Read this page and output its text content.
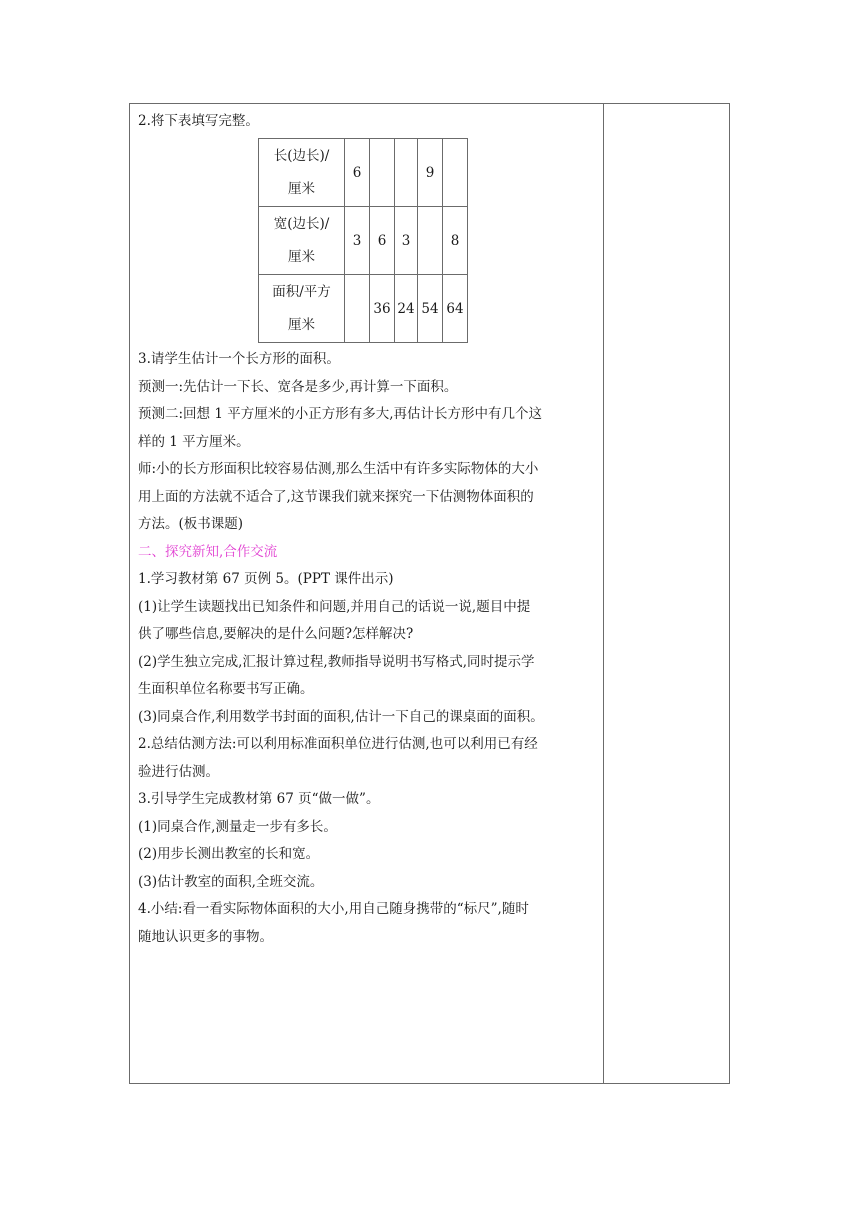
2.将下表填写完整。

长(边长)/
厘米	6			9	
宽(边长)/
厘米	3	6	3		8
面积/平方
厘米		36	24	54	64

3.请学生估计一个长方形的面积。

预测一:先估计一下长、宽各是多少,再计算一下面积。

预测二:回想 1 平方厘米的小正方形有多大,再估计长方形中有几个这

样的 1 平方厘米。

师:小的长方形面积比较容易估测,那么生活中有许多实际物体的大小

用上面的方法就不适合了,这节课我们就来探究一下估测物体面积的

方法。(板书课题)

二、探究新知,合作交流

1.学习教材第 67 页例 5。(PPT 课件出示)

(1)让学生读题找出已知条件和问题,并用自己的话说一说,题目中提

供了哪些信息,要解决的是什么问题?怎样解决?

(2)学生独立完成,汇报计算过程,教师指导说明书写格式,同时提示学

生面积单位名称要书写正确。

(3)同桌合作,利用数学书封面的面积,估计一下自己的课桌面的面积。

2.总结估测方法:可以利用标准面积单位进行估测,也可以利用已有经

验进行估测。

3.引导学生完成教材第 67 页“做一做”。

(1)同桌合作,测量走一步有多长。

(2)用步长测出教室的长和宽。

(3)估计教室的面积,全班交流。

4.小结:看一看实际物体面积的大小,用自己随身携带的“标尺”,随时

随地认识更多的事物。
